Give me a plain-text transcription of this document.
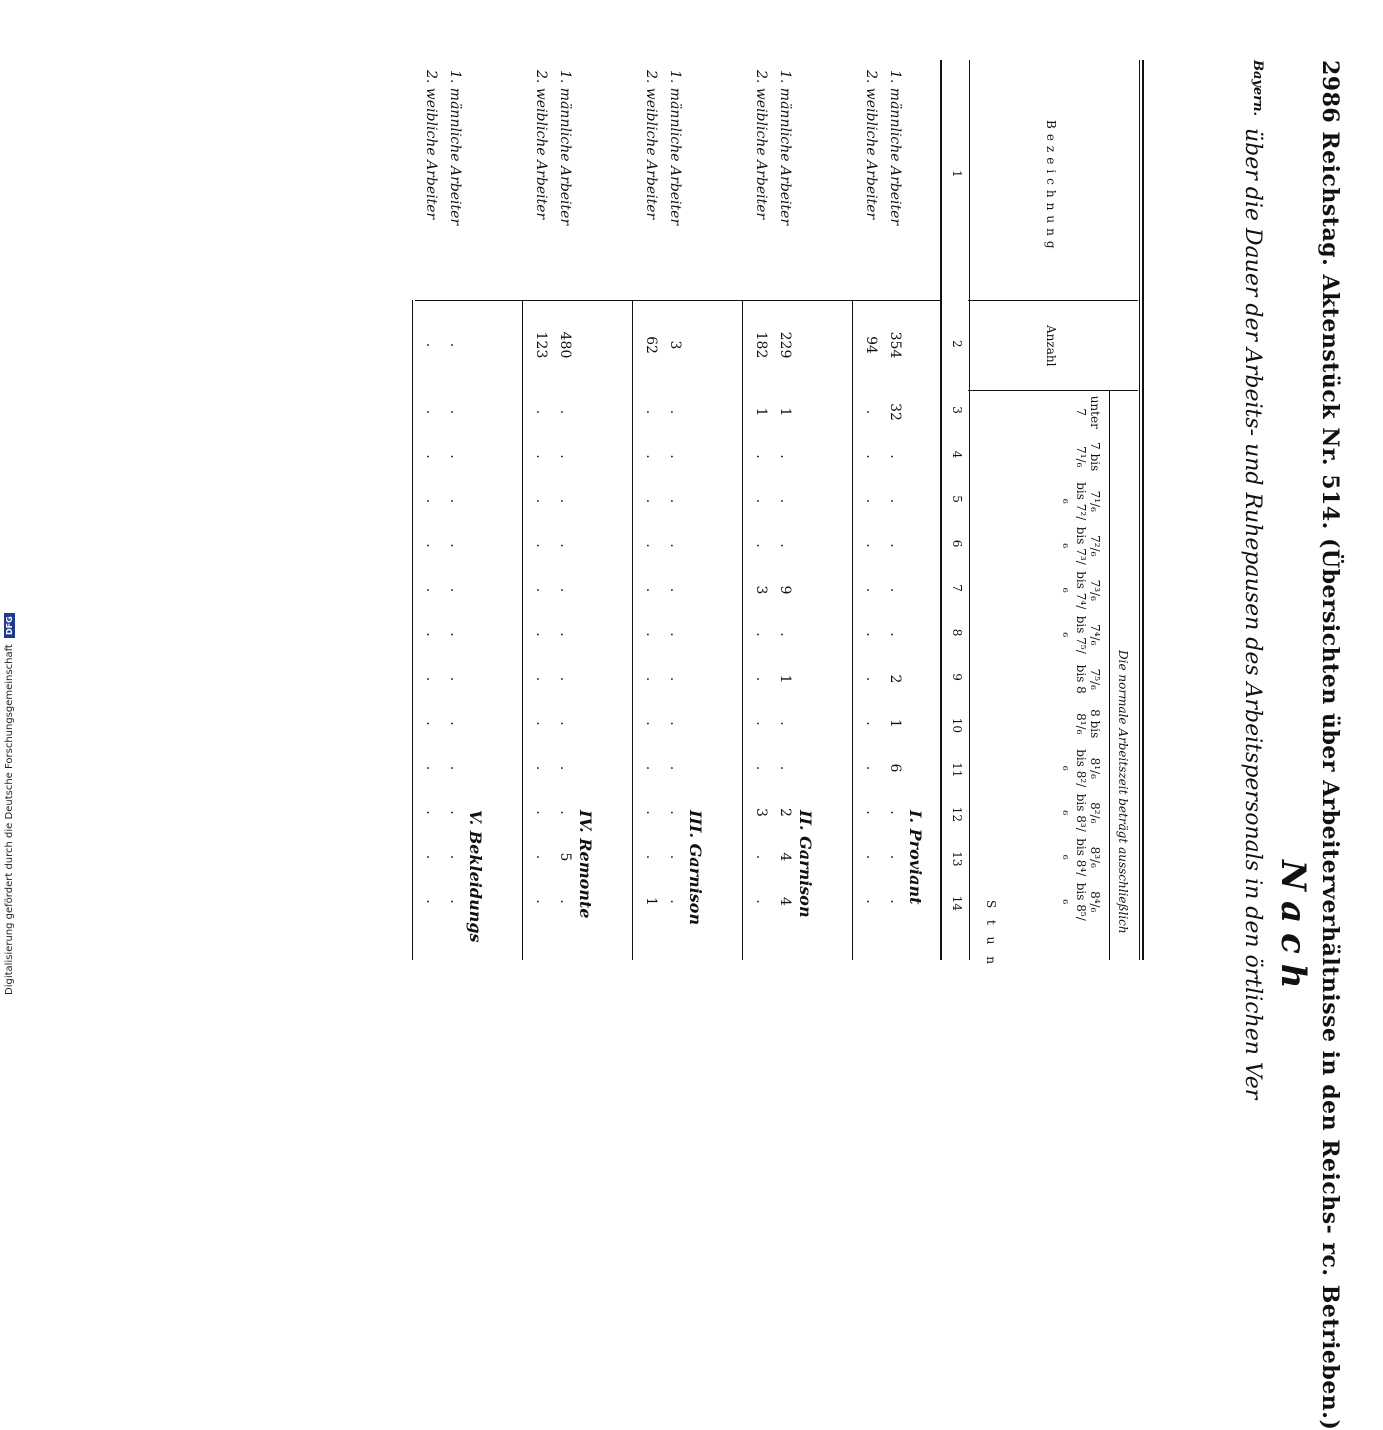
2986 Reichstag. Aktenstück Nr. 514. (Übersichten über Arbeiterverhältnisse in den Reichs- rc. Betrieben.)
Bayern.
Nach
über die Dauer der Arbeits- und Ruhepausen des Arbeitspersonals in den örtlichen Ver
Bezeichnung
Anzahl
Die normale Arbeitszeit beträgt ausschließlich
unter 7
7 bis 7¹/₆
7¹/₆ bis 7²/₆
7²/₆ bis 7³/₆
7³/₆ bis 7⁴/₆
7⁴/₆ bis 7⁵/₆
7⁵/₆ bis 8
8 bis 8¹/₆
8¹/₆ bis 8²/₆
8²/₆ bis 8³/₆
8³/₆ bis 8⁴/₆
8⁴/₆ bis 8⁵/₆
S t u n
1
2
3
4
5
6
7
8
9
10
11
12
13
14
I. Proviant
1. männliche Arbeiter
354
32
.
.
.
.
.
2
1
6
.
.
.
2. weibliche Arbeiter
94
.
.
.
.
.
.
.
.
.
.
.
.
II. Garnison
1. männliche Arbeiter
229
1
.
.
.
9
.
1
.
.
2
4
4
2. weibliche Arbeiter
182
1
.
.
.
3
.
.
.
.
3
.
.
III. Garnison
1. männliche Arbeiter
3
.
.
.
.
.
.
.
.
.
.
.
.
2. weibliche Arbeiter
62
.
.
.
.
.
.
.
.
.
.
.
1
IV. Remonte
1. männliche Arbeiter
480
.
.
.
.
.
.
.
.
.
.
5
.
2. weibliche Arbeiter
123
.
.
.
.
.
.
.
.
.
.
.
.
V. Bekleidungs
1. männliche Arbeiter
.
.
.
.
.
.
.
.
.
.
.
.
.
2. weibliche Arbeiter
.
.
.
.
.
.
.
.
.
.
.
.
.
Digitalisierung gefördert durch die Deutsche Forschungsgemeinschaft DFG
